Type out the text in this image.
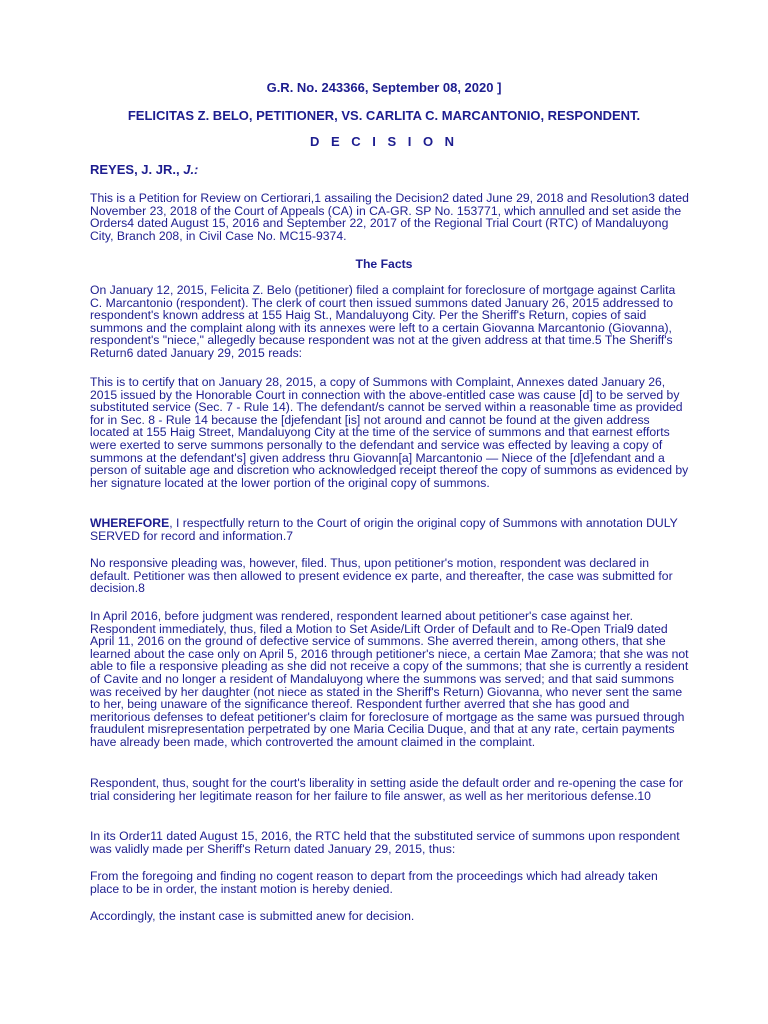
G.R. No. 243366, September 08, 2020 ]
FELICITAS Z. BELO, PETITIONER, VS. CARLITA C. MARCANTONIO, RESPONDENT.
D E C I S I O N
REYES, J. JR., J.:

This is a Petition for Review on Certiorari,1 assailing the Decision2 dated June 29, 2018 and Resolution3 dated November 23, 2018 of the Court of Appeals (CA) in CA-GR. SP No. 153771, which annulled and set aside the Orders4 dated August 15, 2016 and September 22, 2017 of the Regional Trial Court (RTC) of Mandaluyong City, Branch 208, in Civil Case No. MC15-9374.

The Facts

On January 12, 2015, Felicita Z. Belo (petitioner) filed a complaint for foreclosure of mortgage against Carlita C. Marcantonio (respondent). The clerk of court then issued summons dated January 26, 2015 addressed to respondent's known address at 155 Haig St., Mandaluyong City. Per the Sheriff's Return, copies of said summons and the complaint along with its annexes were left to a certain Giovanna Marcantonio (Giovanna), respondent's "niece," allegedly because respondent was not at the given address at that time.5 The Sheriff's Return6 dated January 29, 2015 reads:

This is to certify that on January 28, 2015, a copy of Summons with Complaint, Annexes dated January 26, 2015 issued by the Honorable Court in connection with the above-entitled case was cause [d] to be served by substituted service (Sec. 7 - Rule 14). The defendant/s cannot be served within a reasonable time as provided for in Sec. 8 - Rule 14 because the [djefendant [is] not around and cannot be found at the given address located at 155 Haig Street, Mandaluyong City at the time of the service of summons and that earnest efforts were exerted to serve summons personally to the defendant and service was effected by leaving a copy of summons at the defendant's] given address thru Giovann[a] Marcantonio — Niece of the [d]efendant and a person of suitable age and discretion who acknowledged receipt thereof the copy of summons as evidenced by her signature located at the lower portion of the original copy of summons.

WHEREFORE, I respectfully return to the Court of origin the original copy of Summons with annotation DULY SERVED for record and information.7

No responsive pleading was, however, filed. Thus, upon petitioner's motion, respondent was declared in default. Petitioner was then allowed to present evidence ex parte, and thereafter, the case was submitted for decision.8

In April 2016, before judgment was rendered, respondent learned about petitioner's case against her. Respondent immediately, thus, filed a Motion to Set Aside/Lift Order of Default and to Re-Open Trial9 dated April 11, 2016 on the ground of defective service of summons. She averred therein, among others, that she learned about the case only on April 5, 2016 through petitioner's niece, a certain Mae Zamora; that she was not able to file a responsive pleading as she did not receive a copy of the summons; that she is currently a resident of Cavite and no longer a resident of Mandaluyong where the summons was served; and that said summons was received by her daughter (not niece as stated in the Sheriff's Return) Giovanna, who never sent the same to her, being unaware of the significance thereof. Respondent further averred that she has good and meritorious defenses to defeat petitioner's claim for foreclosure of mortgage as the same was pursued through fraudulent misrepresentation perpetrated by one Maria Cecilia Duque, and that at any rate, certain payments have already been made, which controverted the amount claimed in the complaint.

Respondent, thus, sought for the court's liberality in setting aside the default order and re-opening the case for trial considering her legitimate reason for her failure to file answer, as well as her meritorious defense.10

In its Order11 dated August 15, 2016, the RTC held that the substituted service of summons upon respondent was validly made per Sheriff's Return dated January 29, 2015, thus:

From the foregoing and finding no cogent reason to depart from the proceedings which had already taken place to be in order, the instant motion is hereby denied.

Accordingly, the instant case is submitted anew for decision.
